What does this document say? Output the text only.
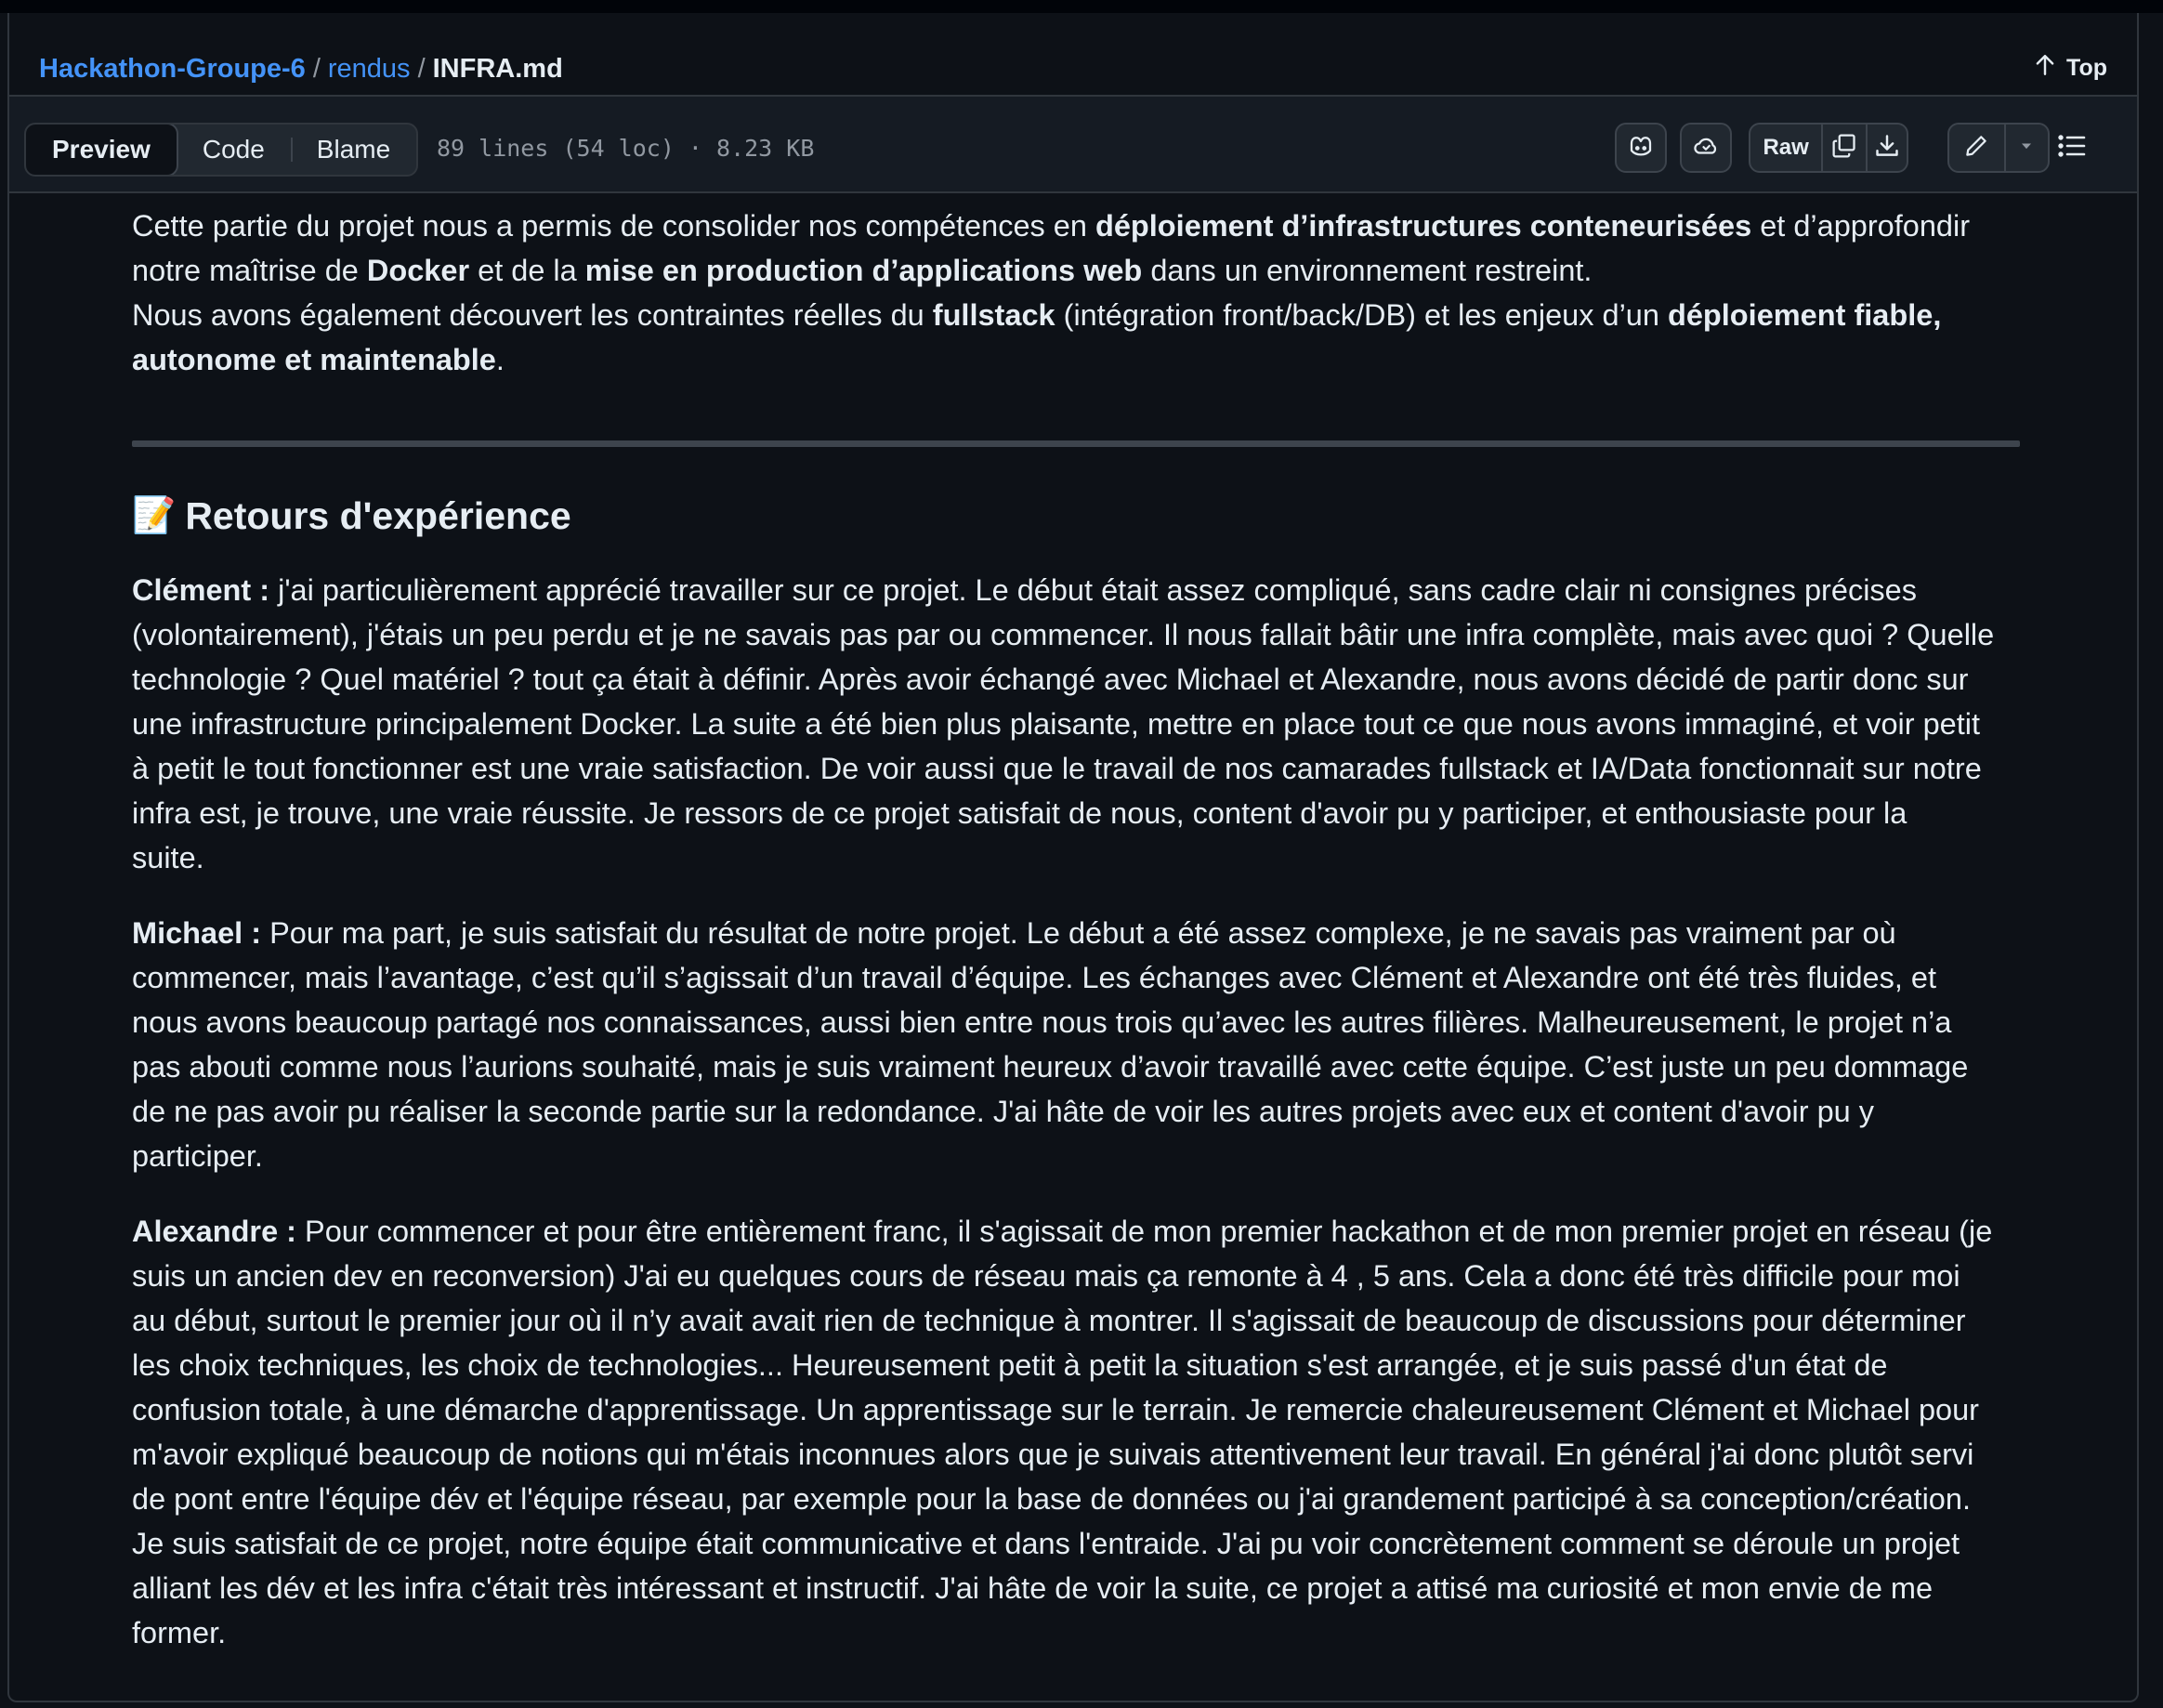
Hackathon-Groupe-6 / rendus / INFRA.md	Top
Preview	Code	Blame	89 lines (54 loc) · 8.23 KB	Raw

Cette partie du projet nous a permis de consolider nos compétences en déploiement d’infrastructures conteneurisées et d’approfondir

notre maîtrise de Docker et de la mise en production d’applications web dans un environnement restreint.

Nous avons également découvert les contraintes réelles du fullstack (intégration front/back/DB) et les enjeux d’un déploiement fiable,

autonome et maintenable.

📝 Retours d'expérience
Clément : j'ai particulièrement apprécié travailler sur ce projet. Le début était assez compliqué, sans cadre clair ni consignes précises
(volontairement), j'étais un peu perdu et je ne savais pas par ou commencer. Il nous fallait bâtir une infra complète, mais avec quoi ? Quelle
technologie ? Quel matériel ? tout ça était à définir. Après avoir échangé avec Michael et Alexandre, nous avons décidé de partir donc sur
une infrastructure principalement Docker. La suite a été bien plus plaisante, mettre en place tout ce que nous avons immaginé, et voir petit
à petit le tout fonctionner est une vraie satisfaction. De voir aussi que le travail de nos camarades fullstack et IA/Data fonctionnait sur notre
infra est, je trouve, une vraie réussite. Je ressors de ce projet satisfait de nous, content d'avoir pu y participer, et enthousiaste pour la
suite.
Michael : Pour ma part, je suis satisfait du résultat de notre projet. Le début a été assez complexe, je ne savais pas vraiment par où
commencer, mais l’avantage, c’est qu’il s’agissait d’un travail d’équipe. Les échanges avec Clément et Alexandre ont été très fluides, et
nous avons beaucoup partagé nos connaissances, aussi bien entre nous trois qu’avec les autres filières. Malheureusement, le projet n’a
pas abouti comme nous l’aurions souhaité, mais je suis vraiment heureux d’avoir travaillé avec cette équipe. C’est juste un peu dommage
de ne pas avoir pu réaliser la seconde partie sur la redondance. J'ai hâte de voir les autres projets avec eux et content d'avoir pu y
participer.
Alexandre : Pour commencer et pour être entièrement franc, il s'agissait de mon premier hackathon et de mon premier projet en réseau (je
suis un ancien dev en reconversion) J'ai eu quelques cours de réseau mais ça remonte à 4 , 5 ans. Cela a donc été très difficile pour moi
au début, surtout le premier jour où il n’y avait avait rien de technique à montrer. Il s'agissait de beaucoup de discussions pour déterminer
les choix techniques, les choix de technologies... Heureusement petit à petit la situation s'est arrangée, et je suis passé d'un état de
confusion totale, à une démarche d'apprentissage. Un apprentissage sur le terrain. Je remercie chaleureusement Clément et Michael pour
m'avoir expliqué beaucoup de notions qui m'étais inconnues alors que je suivais attentivement leur travail. En général j'ai donc plutôt servi
de pont entre l'équipe dév et l'équipe réseau, par exemple pour la base de données ou j'ai grandement participé à sa conception/création.
Je suis satisfait de ce projet, notre équipe était communicative et dans l'entraide. J'ai pu voir concrètement comment se déroule un projet
alliant les dév et les infra c'était très intéressant et instructif. J'ai hâte de voir la suite, ce projet a attisé ma curiosité et mon envie de me
former.
